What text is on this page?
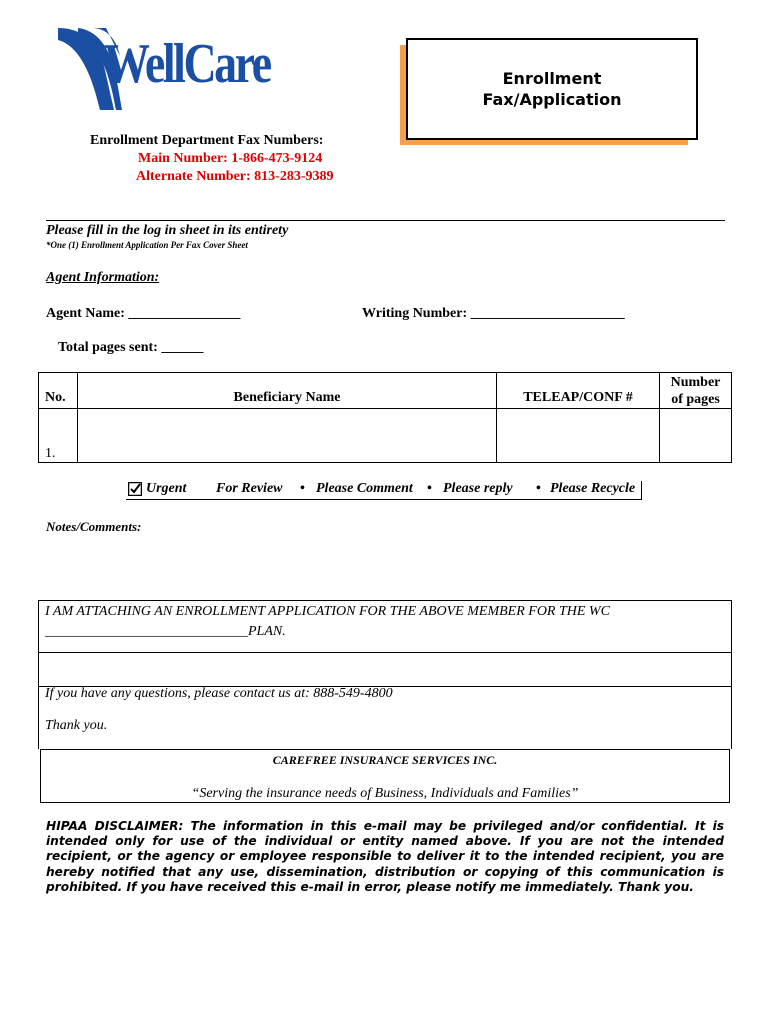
WellCare	Enrollment
Fax/Application
Enrollment Department Fax Numbers:
Main Number: 1-866-473-9124
Alternate Number: 813-283-9389
Please fill in the log in sheet in its entirety
*One (1) Enrollment Application Per Fax Cover Sheet
Agent Information:
Agent Name: ________________	Writing Number: ______________________
Total pages sent: ______
No.	Beneficiary Name	TELEAP/CONF #	Number of pages
1.			
Urgent For Review • Please Comment • Please reply • Please Recycle
Notes/Comments:
I AM ATTACHING AN ENROLLMENT APPLICATION FOR THE ABOVE MEMBER FOR THE WC
_____________________________PLAN.
If you have any questions, please contact us at: 888-549-4800
Thank you.
CAREFREE INSURANCE SERVICES INC.
“Serving the insurance needs of Business, Individuals and Families”
HIPAA DISCLAIMER: The information in this e-mail may be privileged and/or confidential. It is intended only for use of the individual or entity named above. If you are not the intended recipient, or the agency or employee responsible to deliver it to the intended recipient, you are hereby notified that any use, dissemination, distribution or copying of this communication is prohibited. If you have received this e-mail in error, please notify me immediately. Thank you.
